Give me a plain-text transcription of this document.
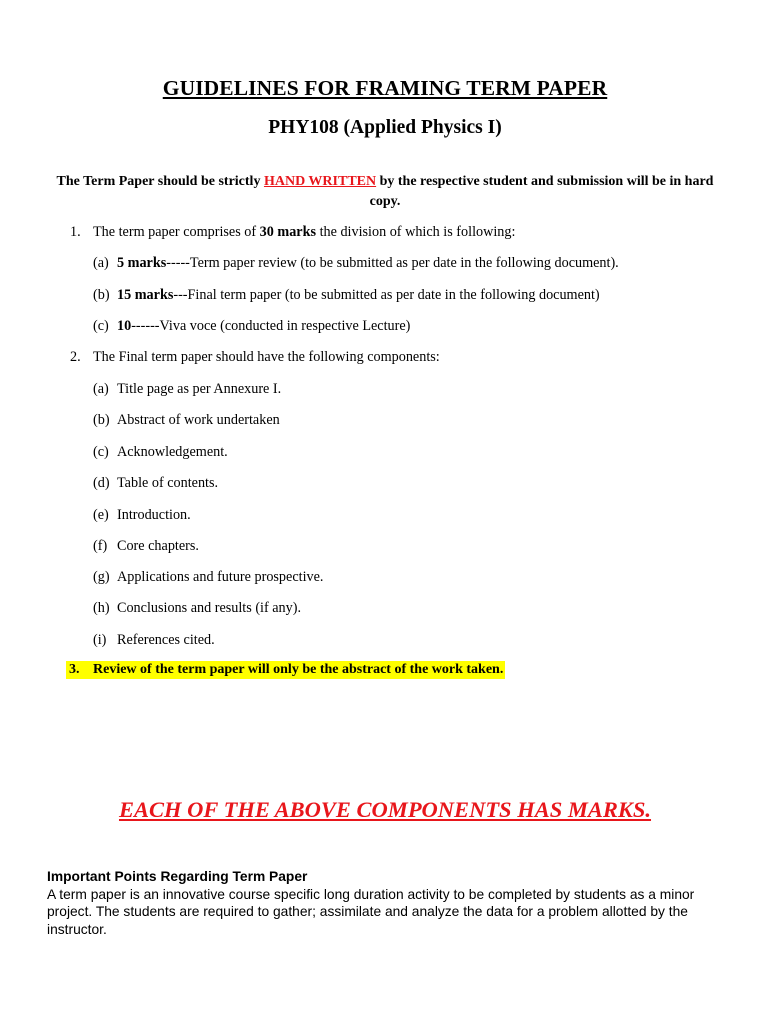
GUIDELINES FOR FRAMING TERM PAPER
PHY108 (Applied Physics I)
The Term Paper should be strictly HAND WRITTEN by the respective student and submission will be in hard copy.
1. The term paper comprises of 30 marks the division of which is following:
(a) 5 marks-----Term paper review (to be submitted as per date in the following document).
(b) 15 marks---Final term paper (to be submitted as per date in the following document)
(c) 10------Viva voce (conducted in respective Lecture)
2. The Final term paper should have the following components:
(a) Title page as per Annexure I.
(b) Abstract of work undertaken
(c) Acknowledgement.
(d) Table of contents.
(e) Introduction.
(f) Core chapters.
(g) Applications and future prospective.
(h) Conclusions and results (if any).
(i) References cited.
3. Review of the term paper will only be the abstract of the work taken.
EACH OF THE ABOVE COMPONENTS HAS MARKS.
Important Points Regarding Term Paper
A term paper is an innovative course specific long duration activity to be completed by students as a minor project. The students are required to gather; assimilate and analyze the data for a problem allotted by the instructor.
